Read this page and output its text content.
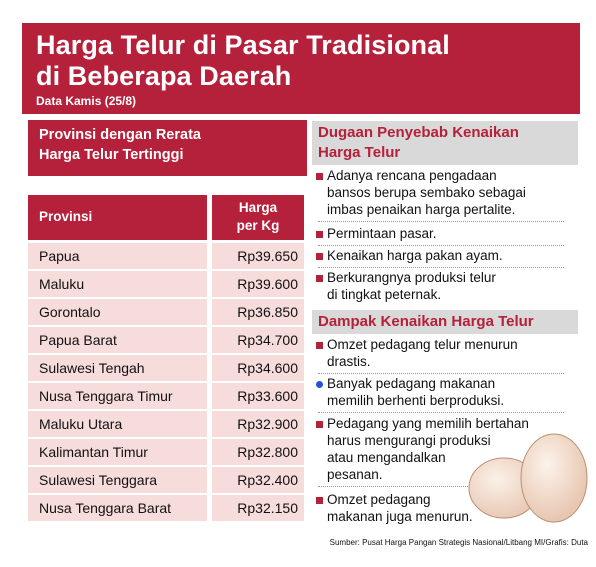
Harga Telur di Pasar Tradisional
di Beberapa Daerah
Data Kamis (25/8)
Provinsi dengan Rerata
Harga Telur Tertinggi
Provinsi
Harga
per Kg
Papua	Rp39.650
Maluku	Rp39.600
Gorontalo	Rp36.850
Papua Barat	Rp34.700
Sulawesi Tengah	Rp34.600
Nusa Tenggara Timur	Rp33.600
Maluku Utara	Rp32.900
Kalimantan Timur	Rp32.800
Sulawesi Tenggara	Rp32.400
Nusa Tenggara Barat	Rp32.150
Dugaan Penyebab Kenaikan
Harga Telur
Adanya rencana pengadaan
bansos berupa sembako sebagai
imbas penaikan harga pertalite.
Permintaan pasar.
Kenaikan harga pakan ayam.
Berkurangnya produksi telur
di tingkat peternak.
Dampak Kenaikan Harga Telur
Omzet pedagang telur menurun
drastis.
Banyak pedagang makanan
memilih berhenti berproduksi.
Pedagang yang memilih bertahan
harus mengurangi produksi
atau mengandalkan
pesanan.
Omzet pedagang
makanan juga menurun.
Sumber: Pusat Harga Pangan Strategis Nasional/Litbang MI/Grafis: Duta
